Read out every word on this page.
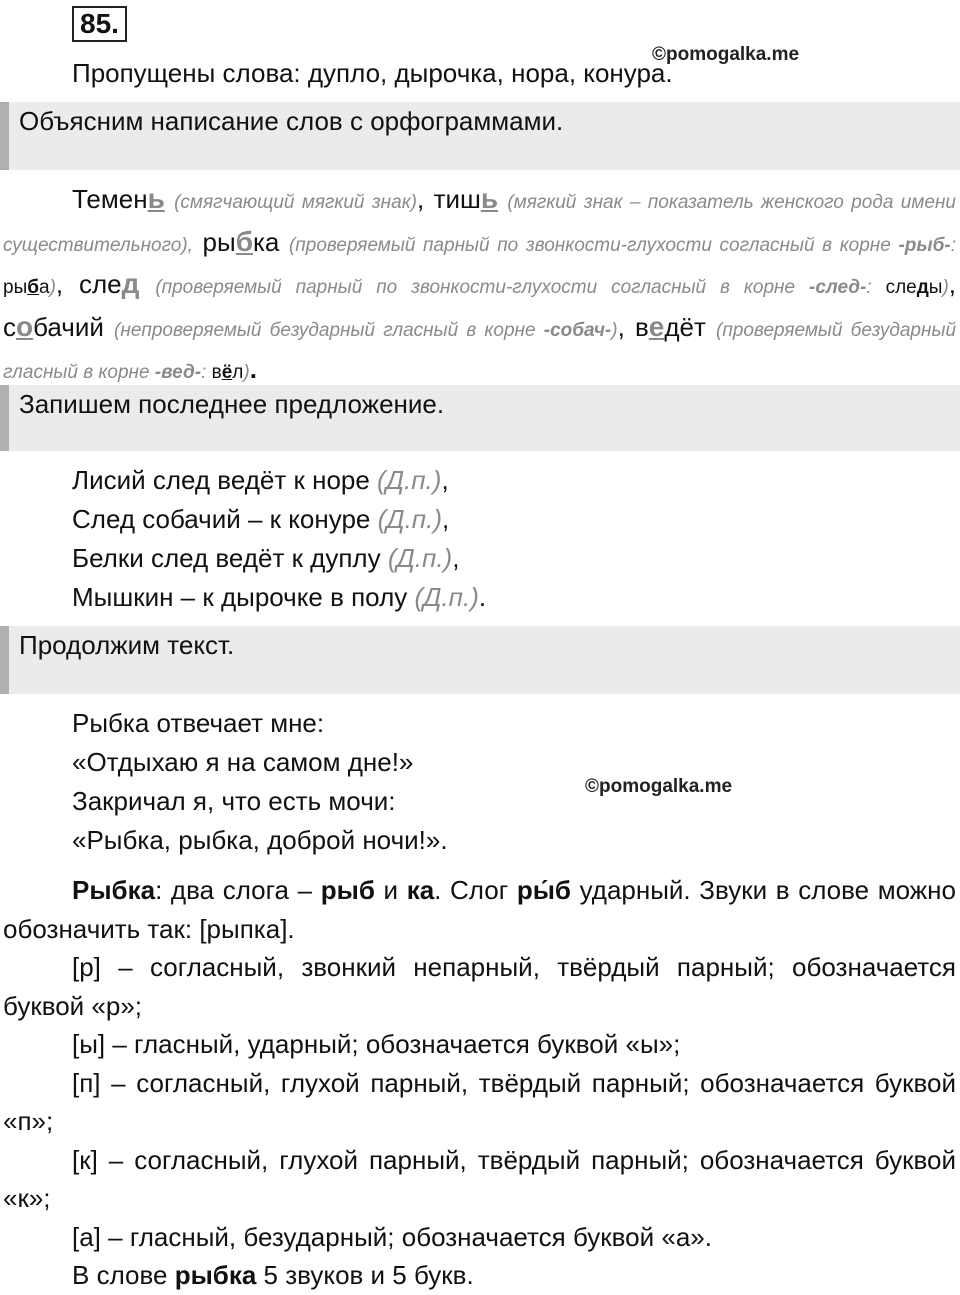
85.
©pomogalka.me
Пропущены слова: дупло, дырочка, нора, конура.
Объясним написание слов с орфограммами.

Темень (смягчающий мягкий знак), тишь (мягкий знак – показатель женского рода имени существительного), рыбка (проверяемый парный по звонкости-глухости согласный в корне -рыб-: рыба), след (проверяемый парный по звонкости-глухости согласный в корне -след-: следы), собачий (непроверяемый безударный гласный в корне -собач-), ведёт (проверяемый безударный гласный в корне -вед-: вёл).

Запишем последнее предложение.
Лисий след ведёт к норе (Д.п.),
След собачий – к конуре (Д.п.),
Белки след ведёт к дуплу (Д.п.),
Мышкин – к дырочке в полу (Д.п.).
Продолжим текст.
Рыбка отвечает мне:
«Отдыхаю я на самом дне!»
©pomogalka.me
Закричал я, что есть мочи:
«Рыбка, рыбка, доброй ночи!».

Рыбка: два слога – рыб и ка. Слог ры́б ударный. Звуки в слове можно обозначить так: [рыпка].

[р] – согласный, звонкий непарный, твёрдый парный; обозначается буквой «р»;

[ы] – гласный, ударный; обозначается буквой «ы»;

[п] – согласный, глухой парный, твёрдый парный; обозначается буквой «п»;

[к] – согласный, глухой парный, твёрдый парный; обозначается буквой «к»;

[а] – гласный, безударный; обозначается буквой «а».

В слове рыбка 5 звуков и 5 букв.
